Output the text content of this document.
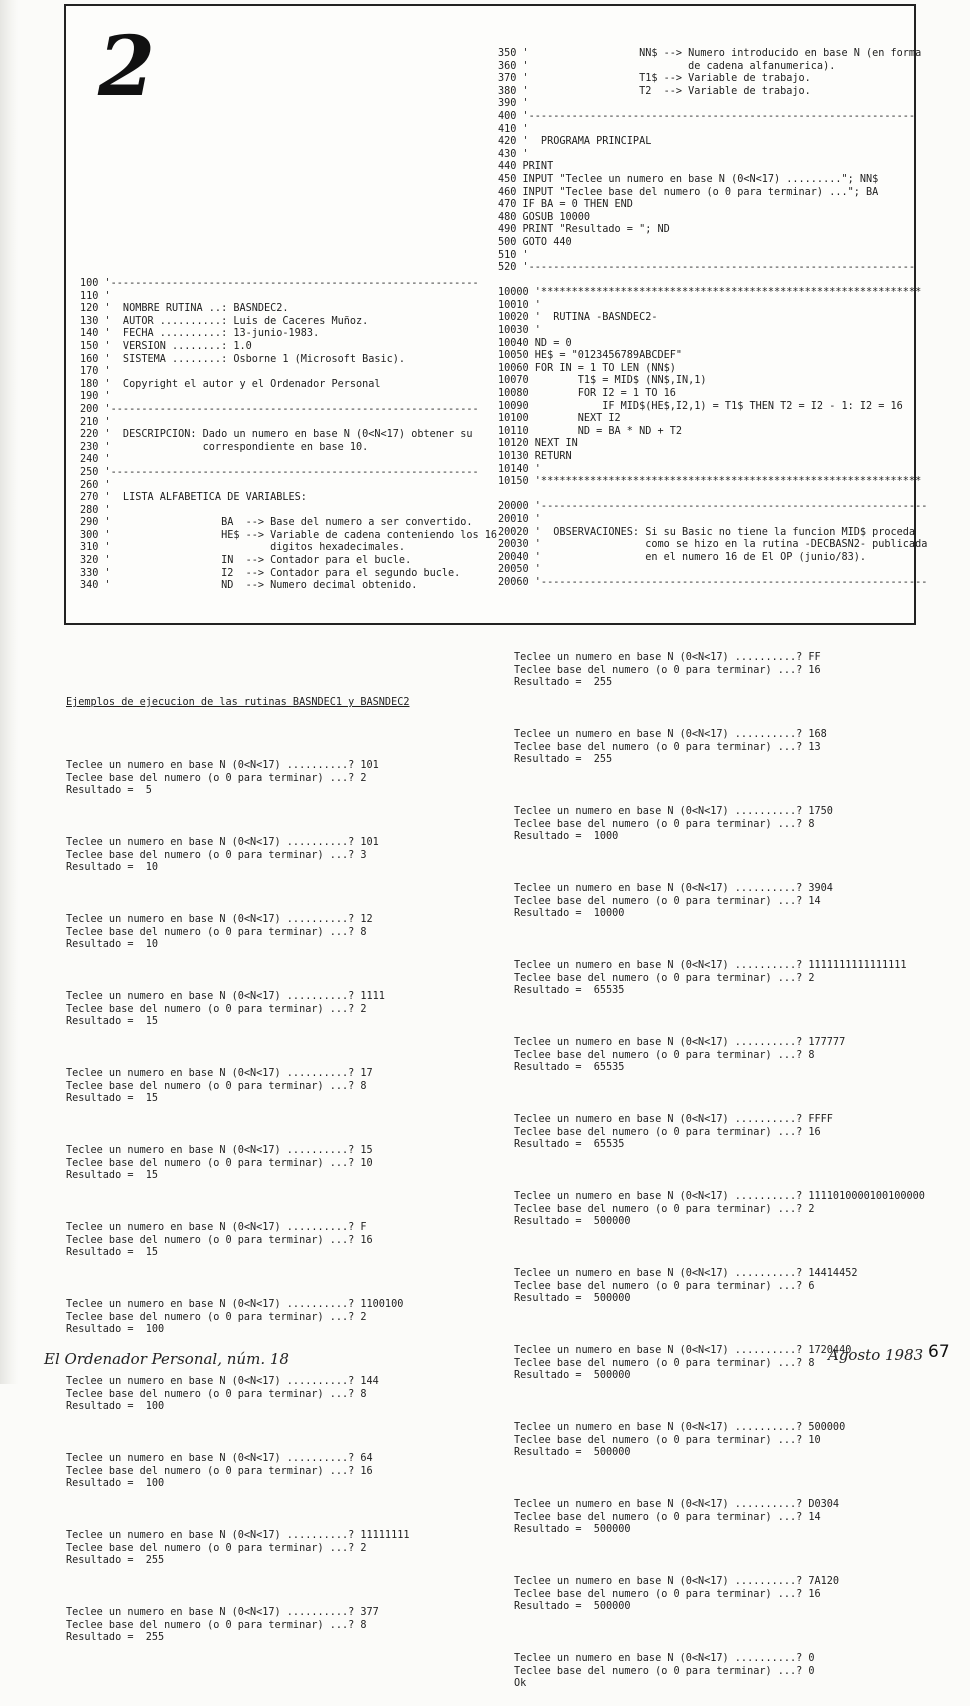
2
100 '------------------------------------------------------------
110 '
120 '  NOMBRE RUTINA ..: BASNDEC2.
130 '  AUTOR ..........: Luis de Caceres Muñoz.
140 '  FECHA ..........: 13-junio-1983.
150 '  VERSION ........: 1.0
160 '  SISTEMA ........: Osborne 1 (Microsoft Basic).
170 '
180 '  Copyright el autor y el Ordenador Personal
190 '
200 '------------------------------------------------------------
210 '
220 '  DESCRIPCION: Dado un numero en base N (0<N<17) obtener su
230 '               correspondiente en base 10.
240 '
250 '------------------------------------------------------------
260 '
270 '  LISTA ALFABETICA DE VARIABLES:
280 '
290 '                  BA  --> Base del numero a ser convertido.
300 '                  HE$ --> Variable de cadena conteniendo los 16
310 '                          digitos hexadecimales.
320 '                  IN  --> Contador para el bucle.
330 '                  I2  --> Contador para el segundo bucle.
340 '                  ND  --> Numero decimal obtenido.
350 '                  NN$ --> Numero introducido en base N (en forma
360 '                          de cadena alfanumerica).
370 '                  T1$ --> Variable de trabajo.
380 '                  T2  --> Variable de trabajo.
390 '
400 '---------------------------------------------------------------
410 '
420 '  PROGRAMA PRINCIPAL
430 '
440 PRINT
450 INPUT "Teclee un numero en base N (0<N<17) ........."; NN$
460 INPUT "Teclee base del numero (o 0 para terminar) ..."; BA
470 IF BA = 0 THEN END
480 GOSUB 10000
490 PRINT "Resultado = "; ND
500 GOTO 440
510 '
520 '---------------------------------------------------------------

10000 '**************************************************************
10010 '
10020 '  RUTINA -BASNDEC2-
10030 '
10040 ND = 0
10050 HE$ = "0123456789ABCDEF"
10060 FOR IN = 1 TO LEN (NN$)
10070        T1$ = MID$ (NN$,IN,1)
10080        FOR I2 = 1 TO 16
10090            IF MID$(HE$,I2,1) = T1$ THEN T2 = I2 - 1: I2 = 16
10100        NEXT I2
10110        ND = BA * ND + T2
10120 NEXT IN
10130 RETURN
10140 '
10150 '**************************************************************

20000 '---------------------------------------------------------------
20010 '
20020 '  OBSERVACIONES: Si su Basic no tiene la funcion MID$ proceda
20030 '                 como se hizo en la rutina -DECBASN2- publicada
20040 '                 en el numero 16 de El OP (junio/83).
20050 '
20060 '---------------------------------------------------------------
Ejemplos de ejecucion de las rutinas BASNDEC1 y BASNDEC2

Teclee un numero en base N (0<N<17) ..........? 101
Teclee base del numero (o 0 para terminar) ...? 2
Resultado =  5

Teclee un numero en base N (0<N<17) ..........? 101
Teclee base del numero (o 0 para terminar) ...? 3
Resultado =  10

Teclee un numero en base N (0<N<17) ..........? 12
Teclee base del numero (o 0 para terminar) ...? 8
Resultado =  10

Teclee un numero en base N (0<N<17) ..........? 1111
Teclee base del numero (o 0 para terminar) ...? 2
Resultado =  15

Teclee un numero en base N (0<N<17) ..........? 17
Teclee base del numero (o 0 para terminar) ...? 8
Resultado =  15

Teclee un numero en base N (0<N<17) ..........? 15
Teclee base del numero (o 0 para terminar) ...? 10
Resultado =  15

Teclee un numero en base N (0<N<17) ..........? F
Teclee base del numero (o 0 para terminar) ...? 16
Resultado =  15

Teclee un numero en base N (0<N<17) ..........? 1100100
Teclee base del numero (o 0 para terminar) ...? 2
Resultado =  100

Teclee un numero en base N (0<N<17) ..........? 144
Teclee base del numero (o 0 para terminar) ...? 8
Resultado =  100

Teclee un numero en base N (0<N<17) ..........? 64
Teclee base del numero (o 0 para terminar) ...? 16
Resultado =  100

Teclee un numero en base N (0<N<17) ..........? 11111111
Teclee base del numero (o 0 para terminar) ...? 2
Resultado =  255

Teclee un numero en base N (0<N<17) ..........? 377
Teclee base del numero (o 0 para terminar) ...? 8
Resultado =  255

Teclee un numero en base N (0<N<17) ..........? FF
Teclee base del numero (o 0 para terminar) ...? 16
Resultado =  255

Teclee un numero en base N (0<N<17) ..........? 168
Teclee base del numero (o 0 para terminar) ...? 13
Resultado =  255

Teclee un numero en base N (0<N<17) ..........? 1750
Teclee base del numero (o 0 para terminar) ...? 8
Resultado =  1000

Teclee un numero en base N (0<N<17) ..........? 3904
Teclee base del numero (o 0 para terminar) ...? 14
Resultado =  10000

Teclee un numero en base N (0<N<17) ..........? 1111111111111111
Teclee base del numero (o 0 para terminar) ...? 2
Resultado =  65535

Teclee un numero en base N (0<N<17) ..........? 177777
Teclee base del numero (o 0 para terminar) ...? 8
Resultado =  65535

Teclee un numero en base N (0<N<17) ..........? FFFF
Teclee base del numero (o 0 para terminar) ...? 16
Resultado =  65535

Teclee un numero en base N (0<N<17) ..........? 1111010000100100000
Teclee base del numero (o 0 para terminar) ...? 2
Resultado =  500000

Teclee un numero en base N (0<N<17) ..........? 14414452
Teclee base del numero (o 0 para terminar) ...? 6
Resultado =  500000

Teclee un numero en base N (0<N<17) ..........? 1720440
Teclee base del numero (o 0 para terminar) ...? 8
Resultado =  500000

Teclee un numero en base N (0<N<17) ..........? 500000
Teclee base del numero (o 0 para terminar) ...? 10
Resultado =  500000

Teclee un numero en base N (0<N<17) ..........? D0304
Teclee base del numero (o 0 para terminar) ...? 14
Resultado =  500000

Teclee un numero en base N (0<N<17) ..........? 7A120
Teclee base del numero (o 0 para terminar) ...? 16
Resultado =  500000

Teclee un numero en base N (0<N<17) ..........? 0
Teclee base del numero (o 0 para terminar) ...? 0
Ok

El Ordenador Personal, núm. 18	Agosto 1983 67
